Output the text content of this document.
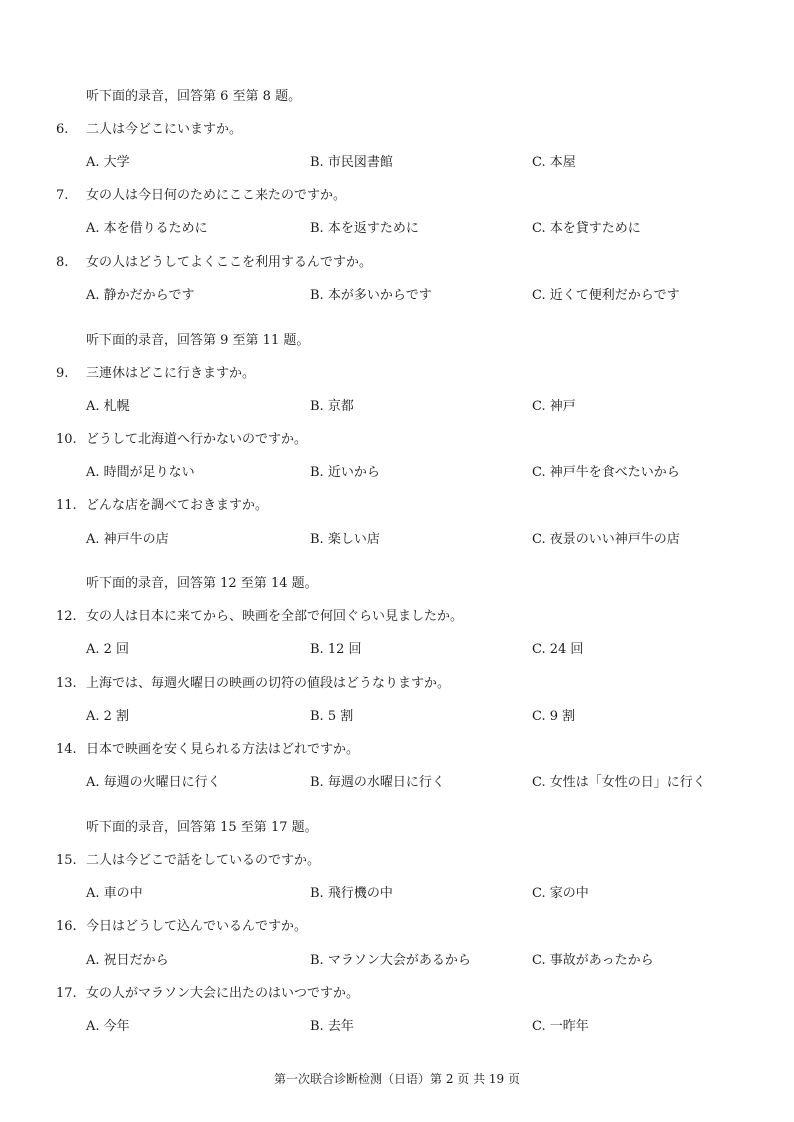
听下面的录音，回答第 6 至第 8 题。
6. 二人は今どこにいますか。
A. 大学	B. 市民図書館	C. 本屋
7. 女の人は今日何のためにここ来たのですか。
A. 本を借りるために	B. 本を返すために	C. 本を貸すために
8. 女の人はどうしてよくここを利用するんですか。
A. 静かだからです	B. 本が多いからです	C. 近くて便利だからです
听下面的录音，回答第 9 至第 11 题。
9. 三連休はどこに行きますか。
A. 札幌	B. 京都	C. 神戸
10. どうして北海道へ行かないのですか。
A. 時間が足りない	B. 近いから	C. 神戸牛を食べたいから
11. どんな店を調べておきますか。
A. 神戸牛の店	B. 楽しい店	C. 夜景のいい神戸牛の店
听下面的录音，回答第 12 至第 14 题。
12. 女の人は日本に来てから、映画を全部で何回ぐらい見ましたか。
A. 2 回	B. 12 回	C. 24 回
13. 上海では、毎週火曜日の映画の切符の値段はどうなりますか。
A. 2 割	B. 5 割	C. 9 割
14. 日本で映画を安く見られる方法はどれですか。
A. 毎週の火曜日に行く	B. 毎週の水曜日に行く	C. 女性は「女性の日」に行く
听下面的录音，回答第 15 至第 17 题。
15. 二人は今どこで話をしているのですか。
A. 車の中	B. 飛行機の中	C. 家の中
16. 今日はどうして込んでいるんですか。
A. 祝日だから	B. マラソン大会があるから	C. 事故があったから
17. 女の人がマラソン大会に出たのはいつですか。
A. 今年	B. 去年	C. 一昨年
第一次联合诊断检测（日语）第 2 页 共 19 页
